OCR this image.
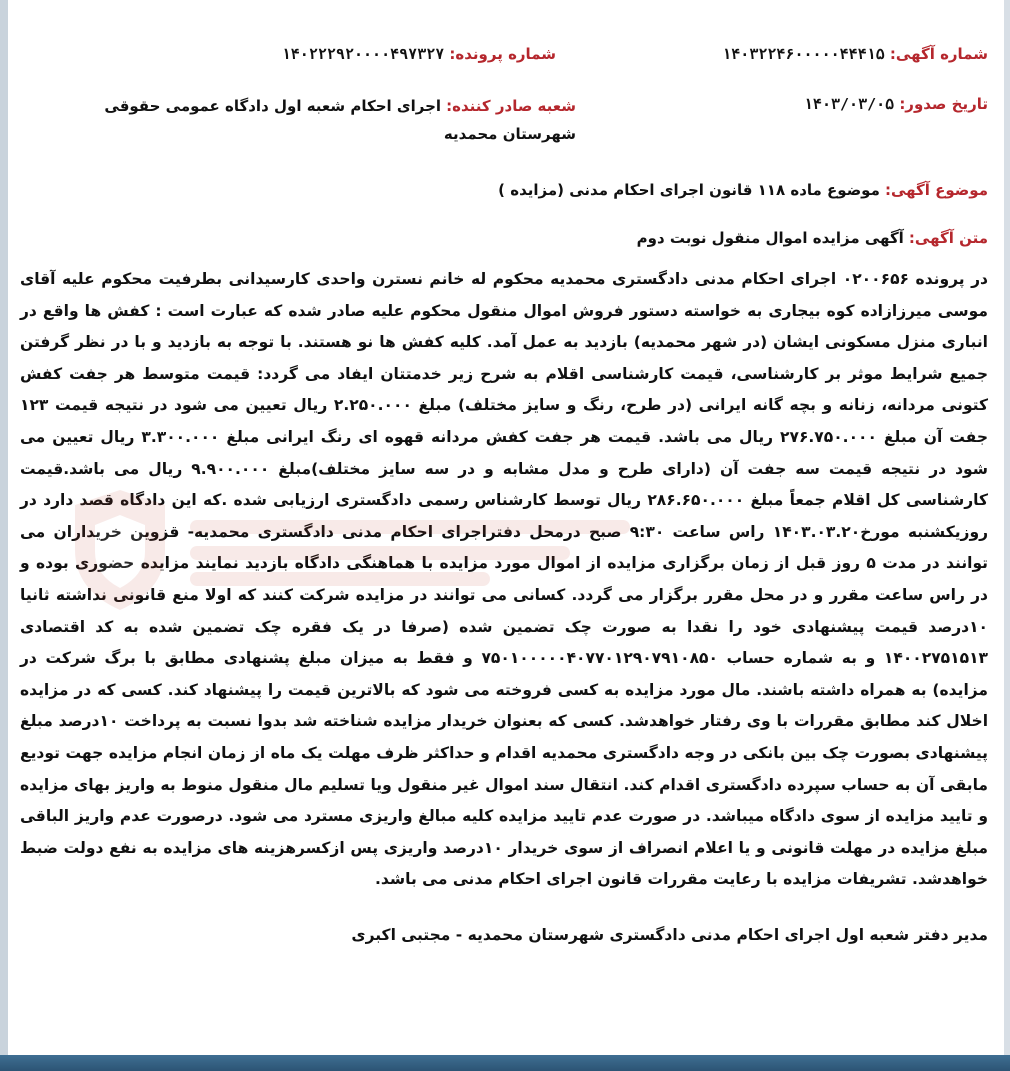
شماره آگهی: ۱۴۰۳۲۲۴۶۰۰۰۰۰۴۴۴۱۵
شماره پرونده: ۱۴۰۲۲۲۹۲۰۰۰۰۴۹۷۳۲۷
تاریخ صدور: ۱۴۰۳/۰۳/۰۵
شعبه صادر کننده: اجرای احکام شعبه اول دادگاه عمومی حقوقی شهرستان محمدیه
موضوع آگهی: موضوع ماده ۱۱۸ قانون اجرای احکام مدنی (مزایده )
متن آگهی: آگهی مزایده اموال منقول نوبت دوم
در پرونده ۰۲۰۰۶۵۶ اجرای احکام مدنی دادگستری محمدیه محکوم له خانم نسترن واحدی کارسیدانی بطرفیت محکوم علیه آقای موسی میرزازاده کوه بیجاری به خواسته دستور فروش اموال منقول محکوم علیه صادر شده که عبارت است : کفش ها واقع در انباری منزل مسکونی ایشان (در شهر محمدیه) بازدید به عمل آمد. کلیه کفش ها نو هستند. با توجه به بازدید و با در نظر گرفتن جمیع شرایط موثر بر کارشناسی، قیمت کارشناسی اقلام به شرح زیر خدمتتان ایفاد می گردد: قیمت متوسط هر جفت کفش کتونی مردانه، زنانه و بچه گانه ایرانی (در طرح، رنگ و سایز مختلف) مبلغ ۲.۲۵۰.۰۰۰ ریال تعیین می شود در نتیجه قیمت ۱۲۳ جفت آن مبلغ ۲۷۶.۷۵۰.۰۰۰ ریال می باشد. قیمت هر جفت کفش مردانه قهوه ای رنگ ایرانی مبلغ ۳.۳۰۰.۰۰۰ ریال تعیین می شود در نتیجه قیمت سه جفت آن (دارای طرح و مدل مشابه و در سه سایز مختلف)مبلغ ۹.۹۰۰.۰۰۰ ریال می باشد.قیمت کارشناسی کل اقلام جمعاً مبلغ ۲۸۶.۶۵۰.۰۰۰ ریال توسط کارشناس رسمی دادگستری ارزیابی شده .که این دادگاه قصد دارد در روزیکشنبه مورخ۱۴۰۳.۰۳.۲۰ راس ساعت ۹:۳۰ صبح درمحل دفتراجرای احکام مدنی دادگستری محمدیه- قزوین خریداران می توانند در مدت ۵ روز قبل از زمان برگزاری مزایده از اموال مورد مزایده با هماهنگی دادگاه بازدید نمایند مزایده حضوری بوده و در راس ساعت مقرر و در محل مقرر برگزار می گردد. کسانی می توانند در مزایده شرکت کنند که اولا منع قانونی نداشته ثانیا ۱۰درصد قیمت پیشنهادی خود را نقدا به صورت چک تضمین شده (صرفا در یک فقره چک تضمین شده به کد اقتصادی ۱۴۰۰۲۷۵۱۵۱۳ و به شماره حساب ۷۵۰۱۰۰۰۰۰۴۰۷۷۰۱۲۹۰۷۹۱۰۸۵۰ و فقط به میزان مبلغ پشنهادی مطابق با برگ شرکت در مزایده) به همراه داشته باشند. مال مورد مزایده به کسی فروخته می شود که بالاترین قیمت را پیشنهاد کند. کسی که در مزایده اخلال کند مطابق مقررات با وی رفتار خواهدشد. کسی که بعنوان خریدار مزایده شناخته شد بدوا نسبت به پرداخت ۱۰درصد مبلغ پیشنهادی بصورت چک بین بانکی در وجه دادگستری محمدیه اقدام و حداکثر ظرف مهلت یک ماه از زمان انجام مزایده جهت تودیع مابقی آن به حساب سپرده دادگستری اقدام کند. انتقال سند اموال غیر منقول ویا تسلیم مال منقول منوط به واریز بهای مزایده و تایید مزایده از سوی دادگاه میباشد. در صورت عدم تایید مزایده کلیه مبالغ واریزی مسترد می شود. درصورت عدم واریز الباقی مبلغ مزایده در مهلت قانونی و یا اعلام انصراف از سوی خریدار ۱۰درصد واریزی پس ازکسرهزینه های مزایده به نفع دولت ضبط خواهدشد. تشریفات مزایده با رعایت مقررات قانون اجرای احکام مدنی می باشد.
مدیر دفتر شعبه اول اجرای احکام مدنی دادگستری شهرستان محمدیه - مجتبی اکبری
